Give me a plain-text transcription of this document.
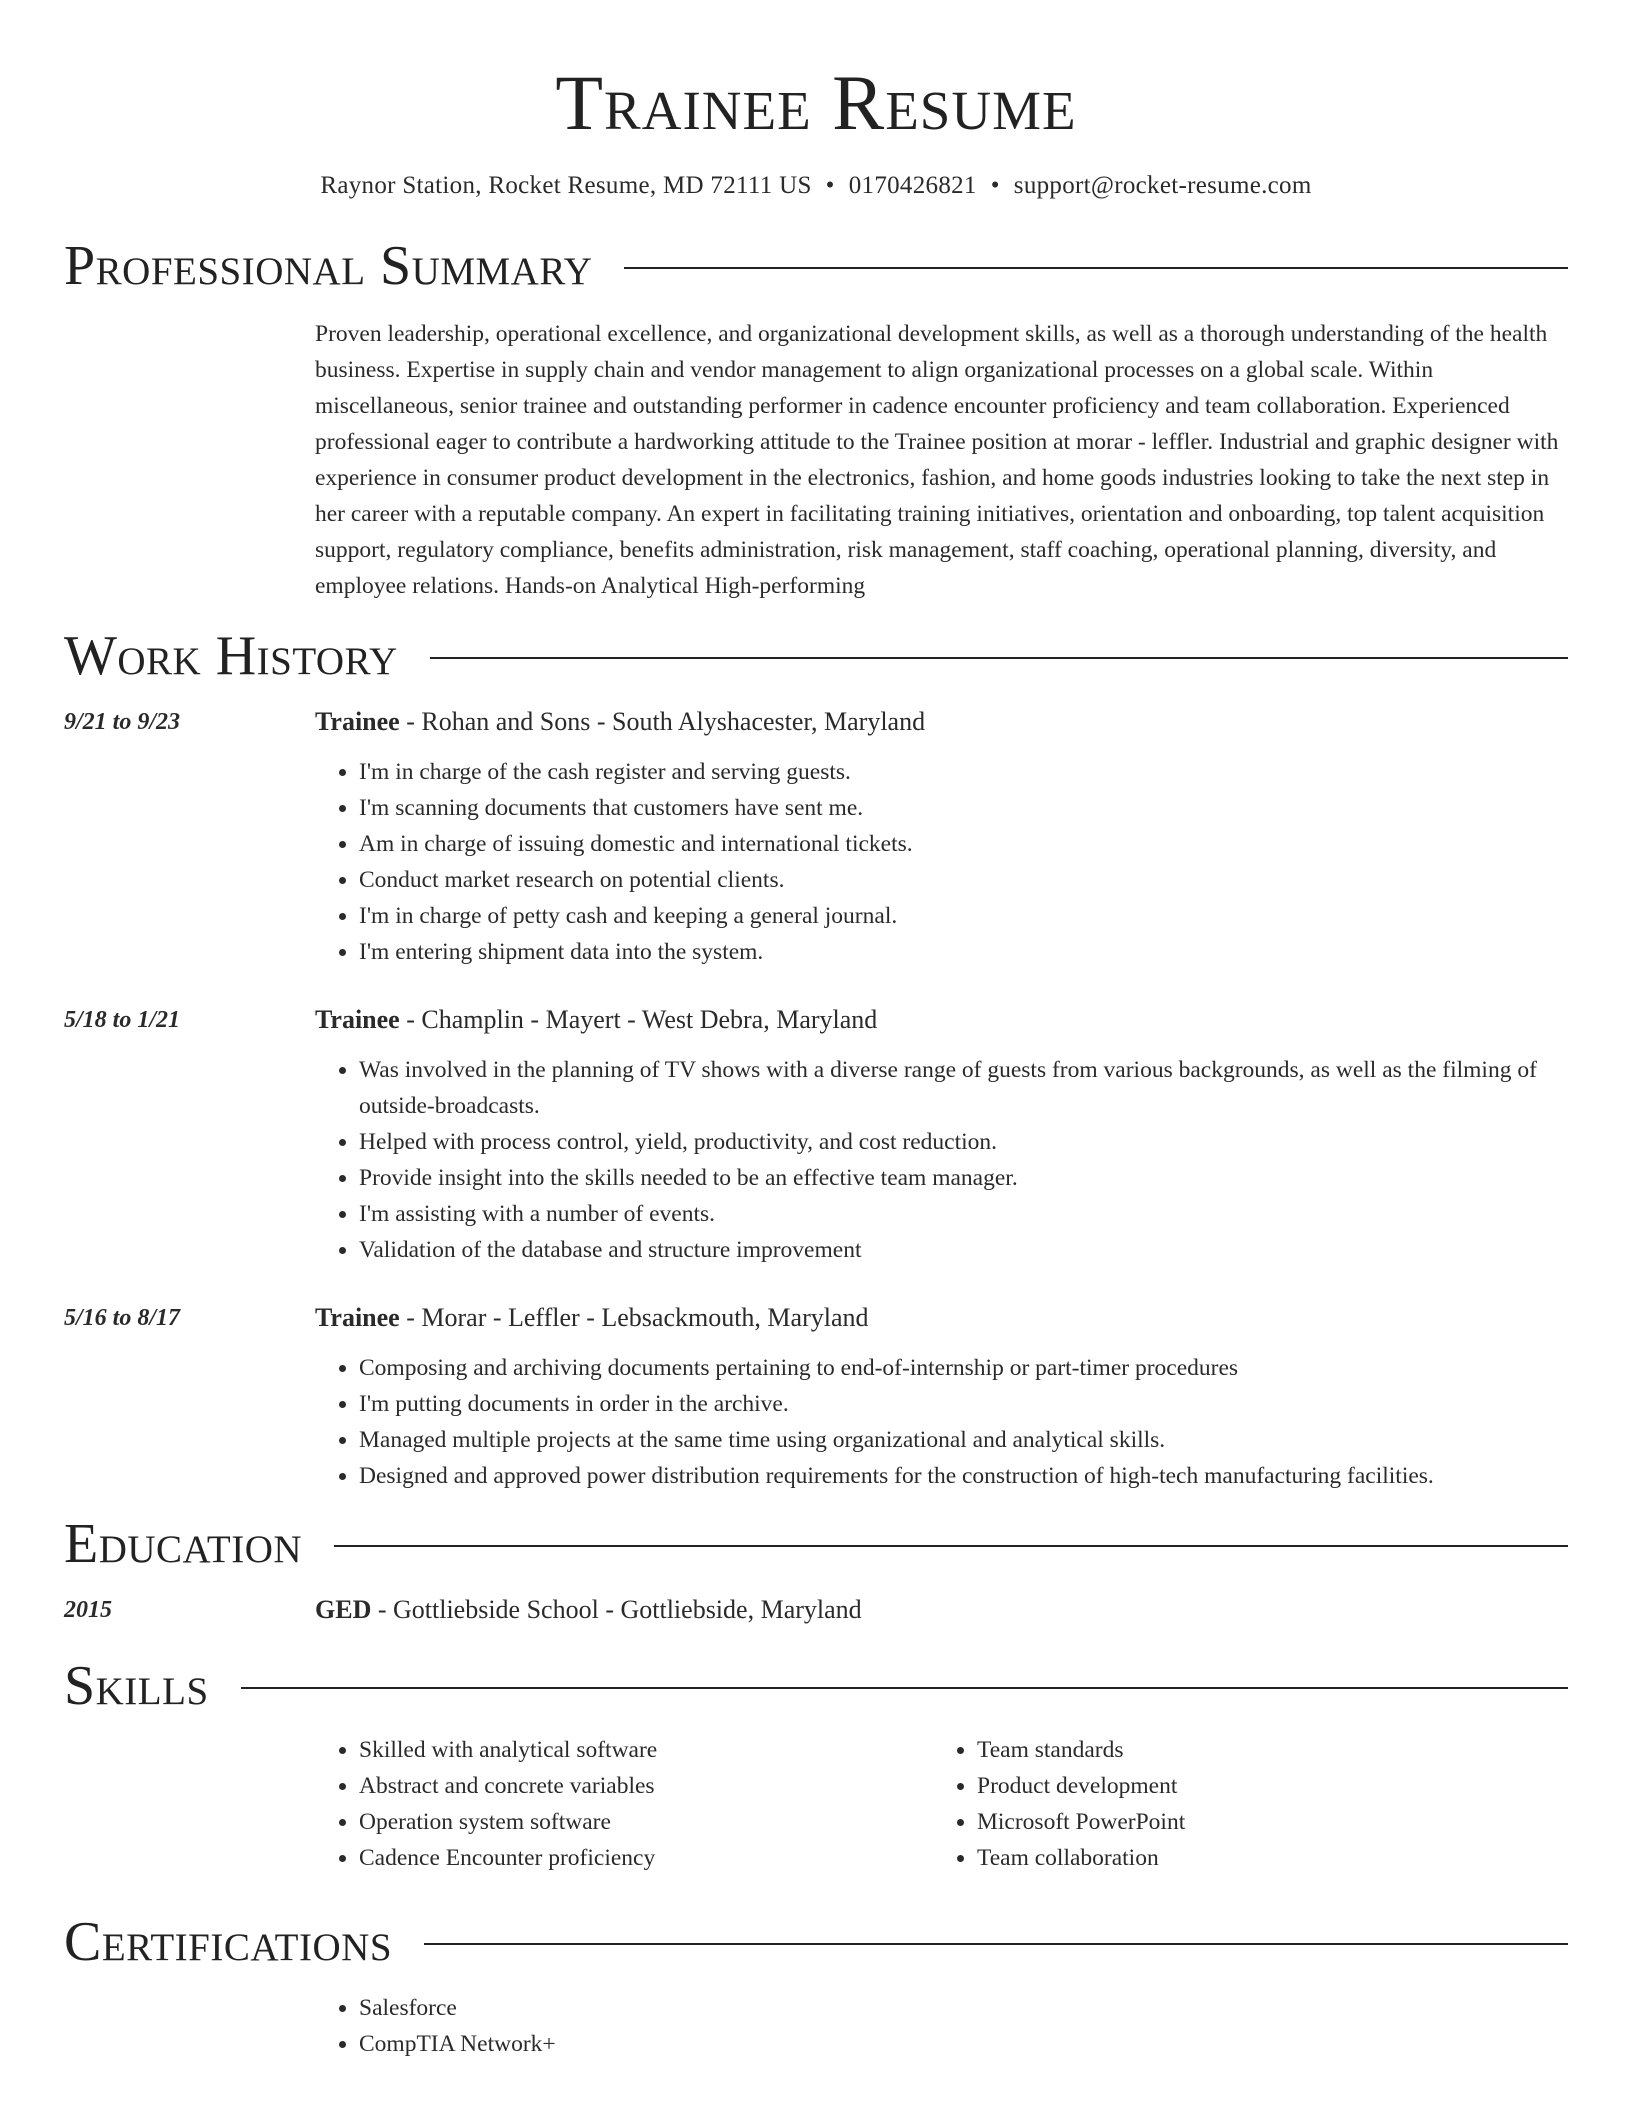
Trainee Resume
Raynor Station, Rocket Resume, MD 72111 US • 0170426821 • support@rocket-resume.com
Professional Summary
Proven leadership, operational excellence, and organizational development skills, as well as a thorough understanding of the health business. Expertise in supply chain and vendor management to align organizational processes on a global scale. Within miscellaneous, senior trainee and outstanding performer in cadence encounter proficiency and team collaboration. Experienced professional eager to contribute a hardworking attitude to the Trainee position at morar - leffler. Industrial and graphic designer with experience in consumer product development in the electronics, fashion, and home goods industries looking to take the next step in her career with a reputable company. An expert in facilitating training initiatives, orientation and onboarding, top talent acquisition support, regulatory compliance, benefits administration, risk management, staff coaching, operational planning, diversity, and employee relations. Hands-on Analytical High-performing
Work History
9/21 to 9/23	Trainee - Rohan and Sons - South Alyshacester, Maryland
• I'm in charge of the cash register and serving guests.
• I'm scanning documents that customers have sent me.
• Am in charge of issuing domestic and international tickets.
• Conduct market research on potential clients.
• I'm in charge of petty cash and keeping a general journal.
• I'm entering shipment data into the system.
5/18 to 1/21	Trainee - Champlin - Mayert - West Debra, Maryland
• Was involved in the planning of TV shows with a diverse range of guests from various backgrounds, as well as the filming of outside-broadcasts.
• Helped with process control, yield, productivity, and cost reduction.
• Provide insight into the skills needed to be an effective team manager.
• I'm assisting with a number of events.
• Validation of the database and structure improvement
5/16 to 8/17	Trainee - Morar - Leffler - Lebsackmouth, Maryland
• Composing and archiving documents pertaining to end-of-internship or part-timer procedures
• I'm putting documents in order in the archive.
• Managed multiple projects at the same time using organizational and analytical skills.
• Designed and approved power distribution requirements for the construction of high-tech manufacturing facilities.
Education
2015	GED - Gottliebside School - Gottliebside, Maryland
Skills
• Skilled with analytical software
• Abstract and concrete variables
• Operation system software
• Cadence Encounter proficiency
• Team standards
• Product development
• Microsoft PowerPoint
• Team collaboration
Certifications
• Salesforce
• CompTIA Network+
